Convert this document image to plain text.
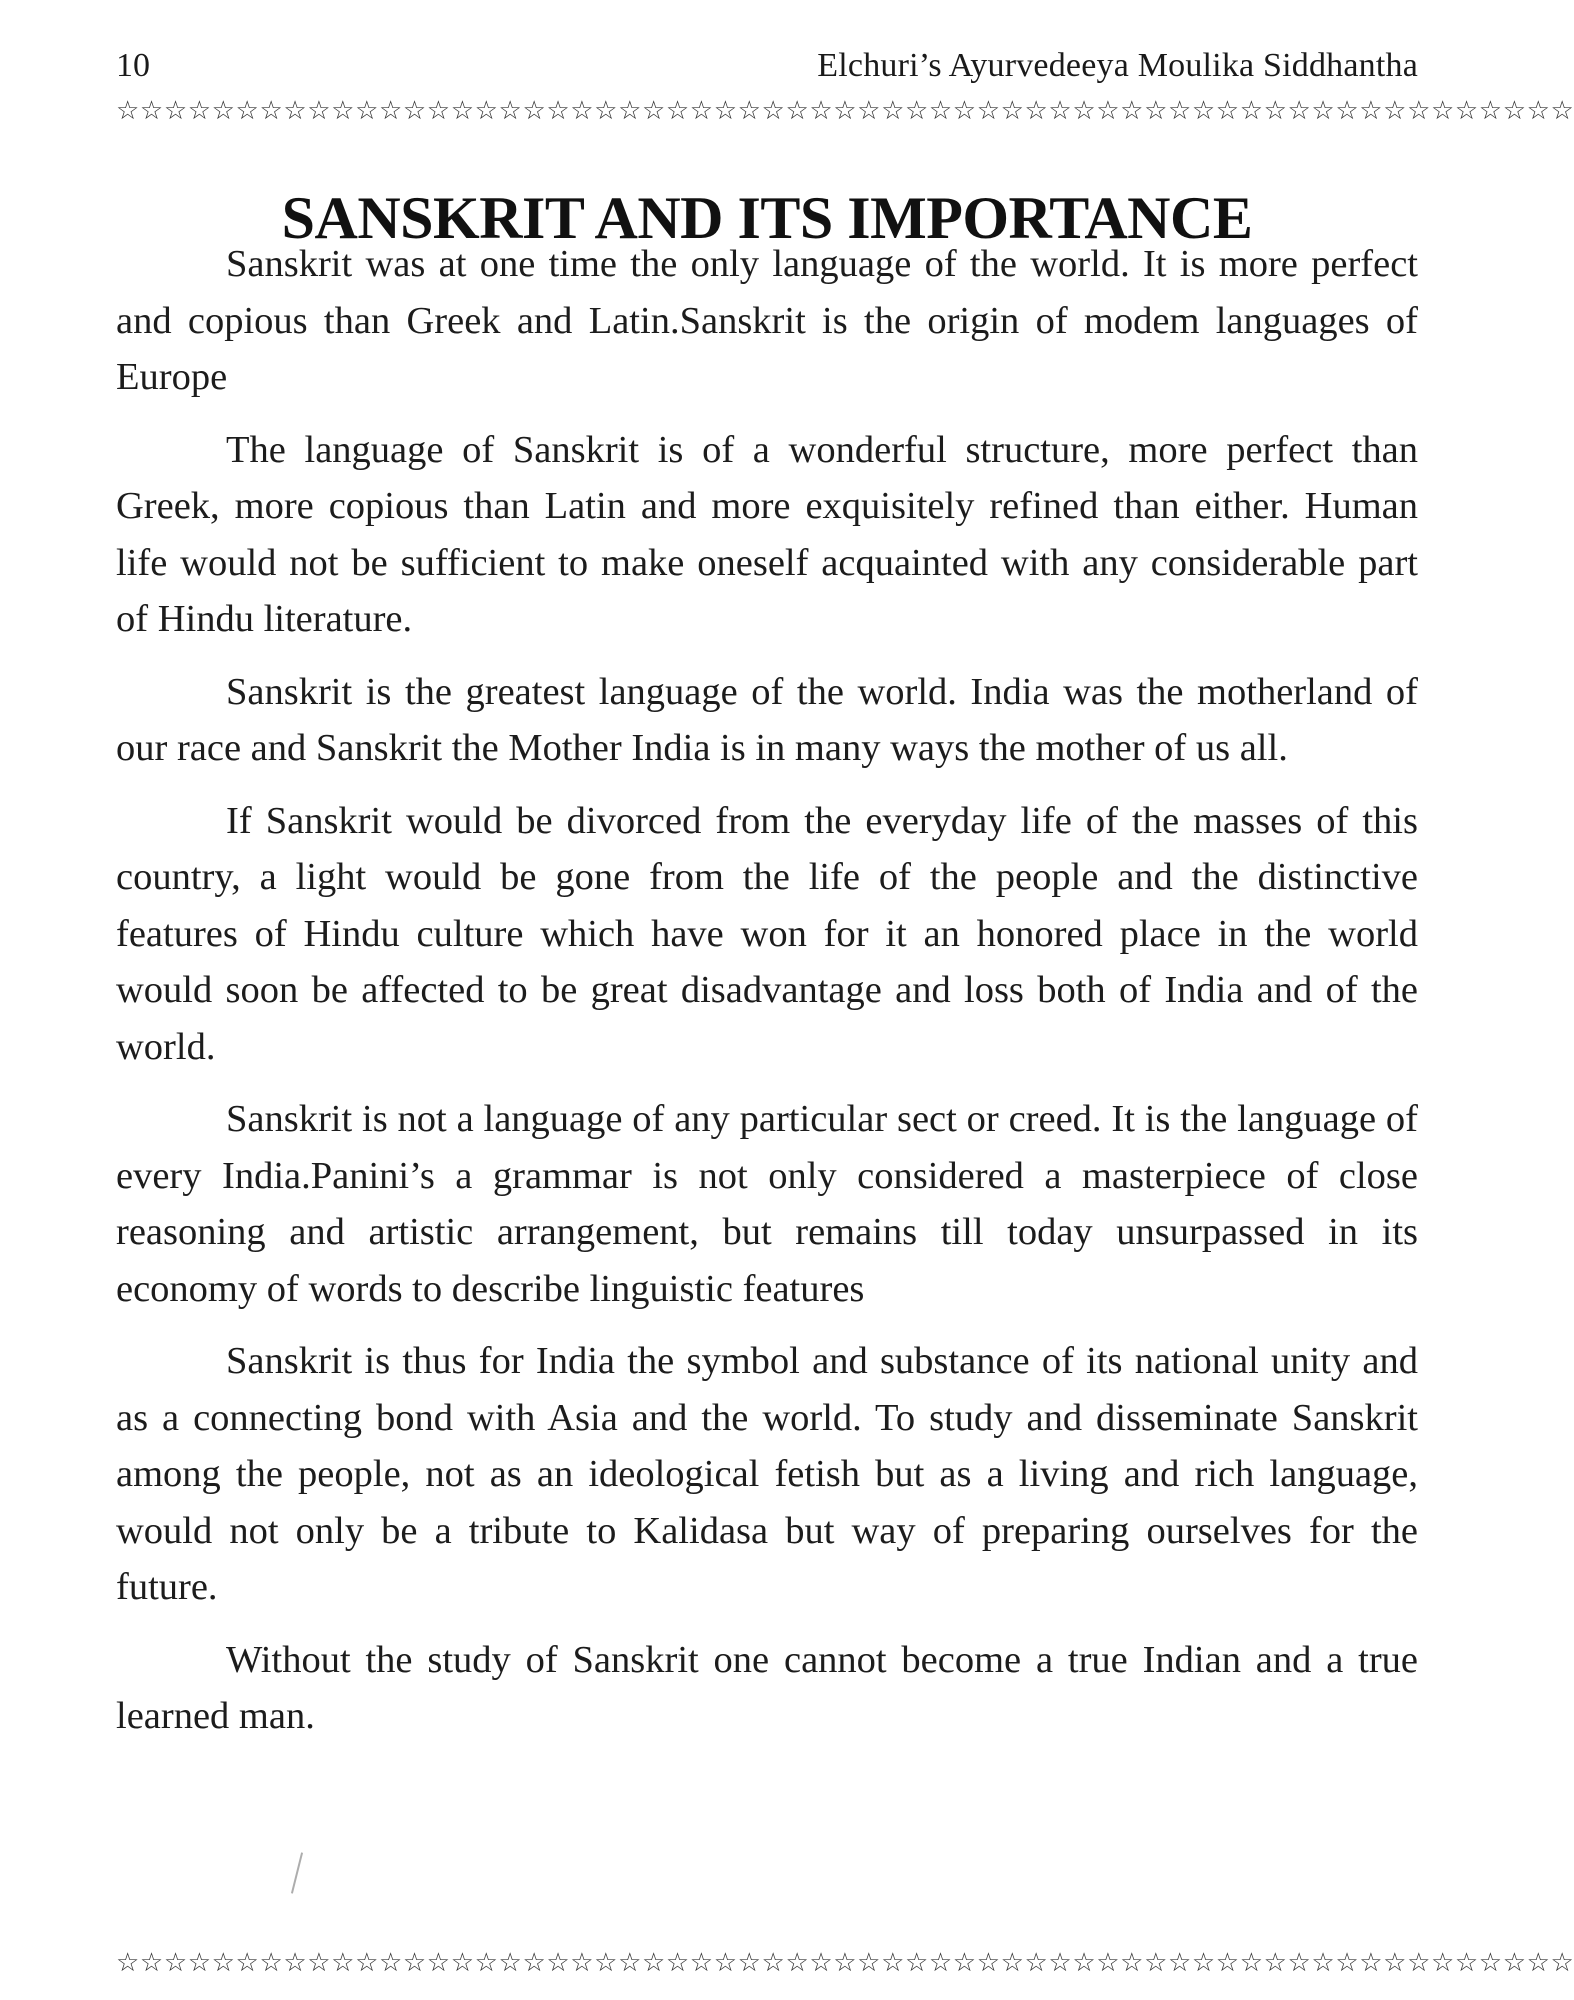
10	Elchuri’s Ayurvedeeya Moulika Siddhantha
☆☆☆☆☆☆☆☆☆☆☆☆☆☆☆☆☆☆☆☆☆☆☆☆☆☆☆☆☆☆☆☆☆☆☆☆☆☆☆☆☆☆☆☆☆☆☆☆☆☆☆☆☆☆☆☆☆☆☆☆☆
SANSKRIT AND ITS IMPORTANCE

Sanskrit was at one time the only language of the world. It is more perfect and copious than Greek and Latin.Sanskrit is the origin of modem languages of Europe

The language of Sanskrit is of a wonderful structure, more perfect than Greek, more copious than Latin and more exquisitely refined than either. Human life would not be sufficient to make oneself acquainted with any considerable part of Hindu literature.

Sanskrit is the greatest language of the world. India was the motherland of our race and Sanskrit the Mother India is in many ways the mother of us all.

If Sanskrit would be divorced from the everyday life of the masses of this country, a light would be gone from the life of the people and the distinctive features of Hindu culture which have won for it an honored place in the world would soon be affected to be great disadvantage and loss both of India and of the world.

Sanskrit is not a language of any particular sect or creed. It is the language of every India.Panini’s a grammar is not only considered a masterpiece of close reasoning and artistic arrangement, but remains till today unsurpassed in its economy of words to describe linguistic features

Sanskrit is thus for India the symbol and substance of its national unity and as a connecting bond with Asia and the world. To study and disseminate Sanskrit among the people, not as an ideological fetish but as a living and rich language, would not only be a tribute to Kalidasa but way of preparing ourselves for the future.

Without the study of Sanskrit one cannot become a true Indian and a true learned man.

☆☆☆☆☆☆☆☆☆☆☆☆☆☆☆☆☆☆☆☆☆☆☆☆☆☆☆☆☆☆☆☆☆☆☆☆☆☆☆☆☆☆☆☆☆☆☆☆☆☆☆☆☆☆☆☆☆☆☆☆☆
